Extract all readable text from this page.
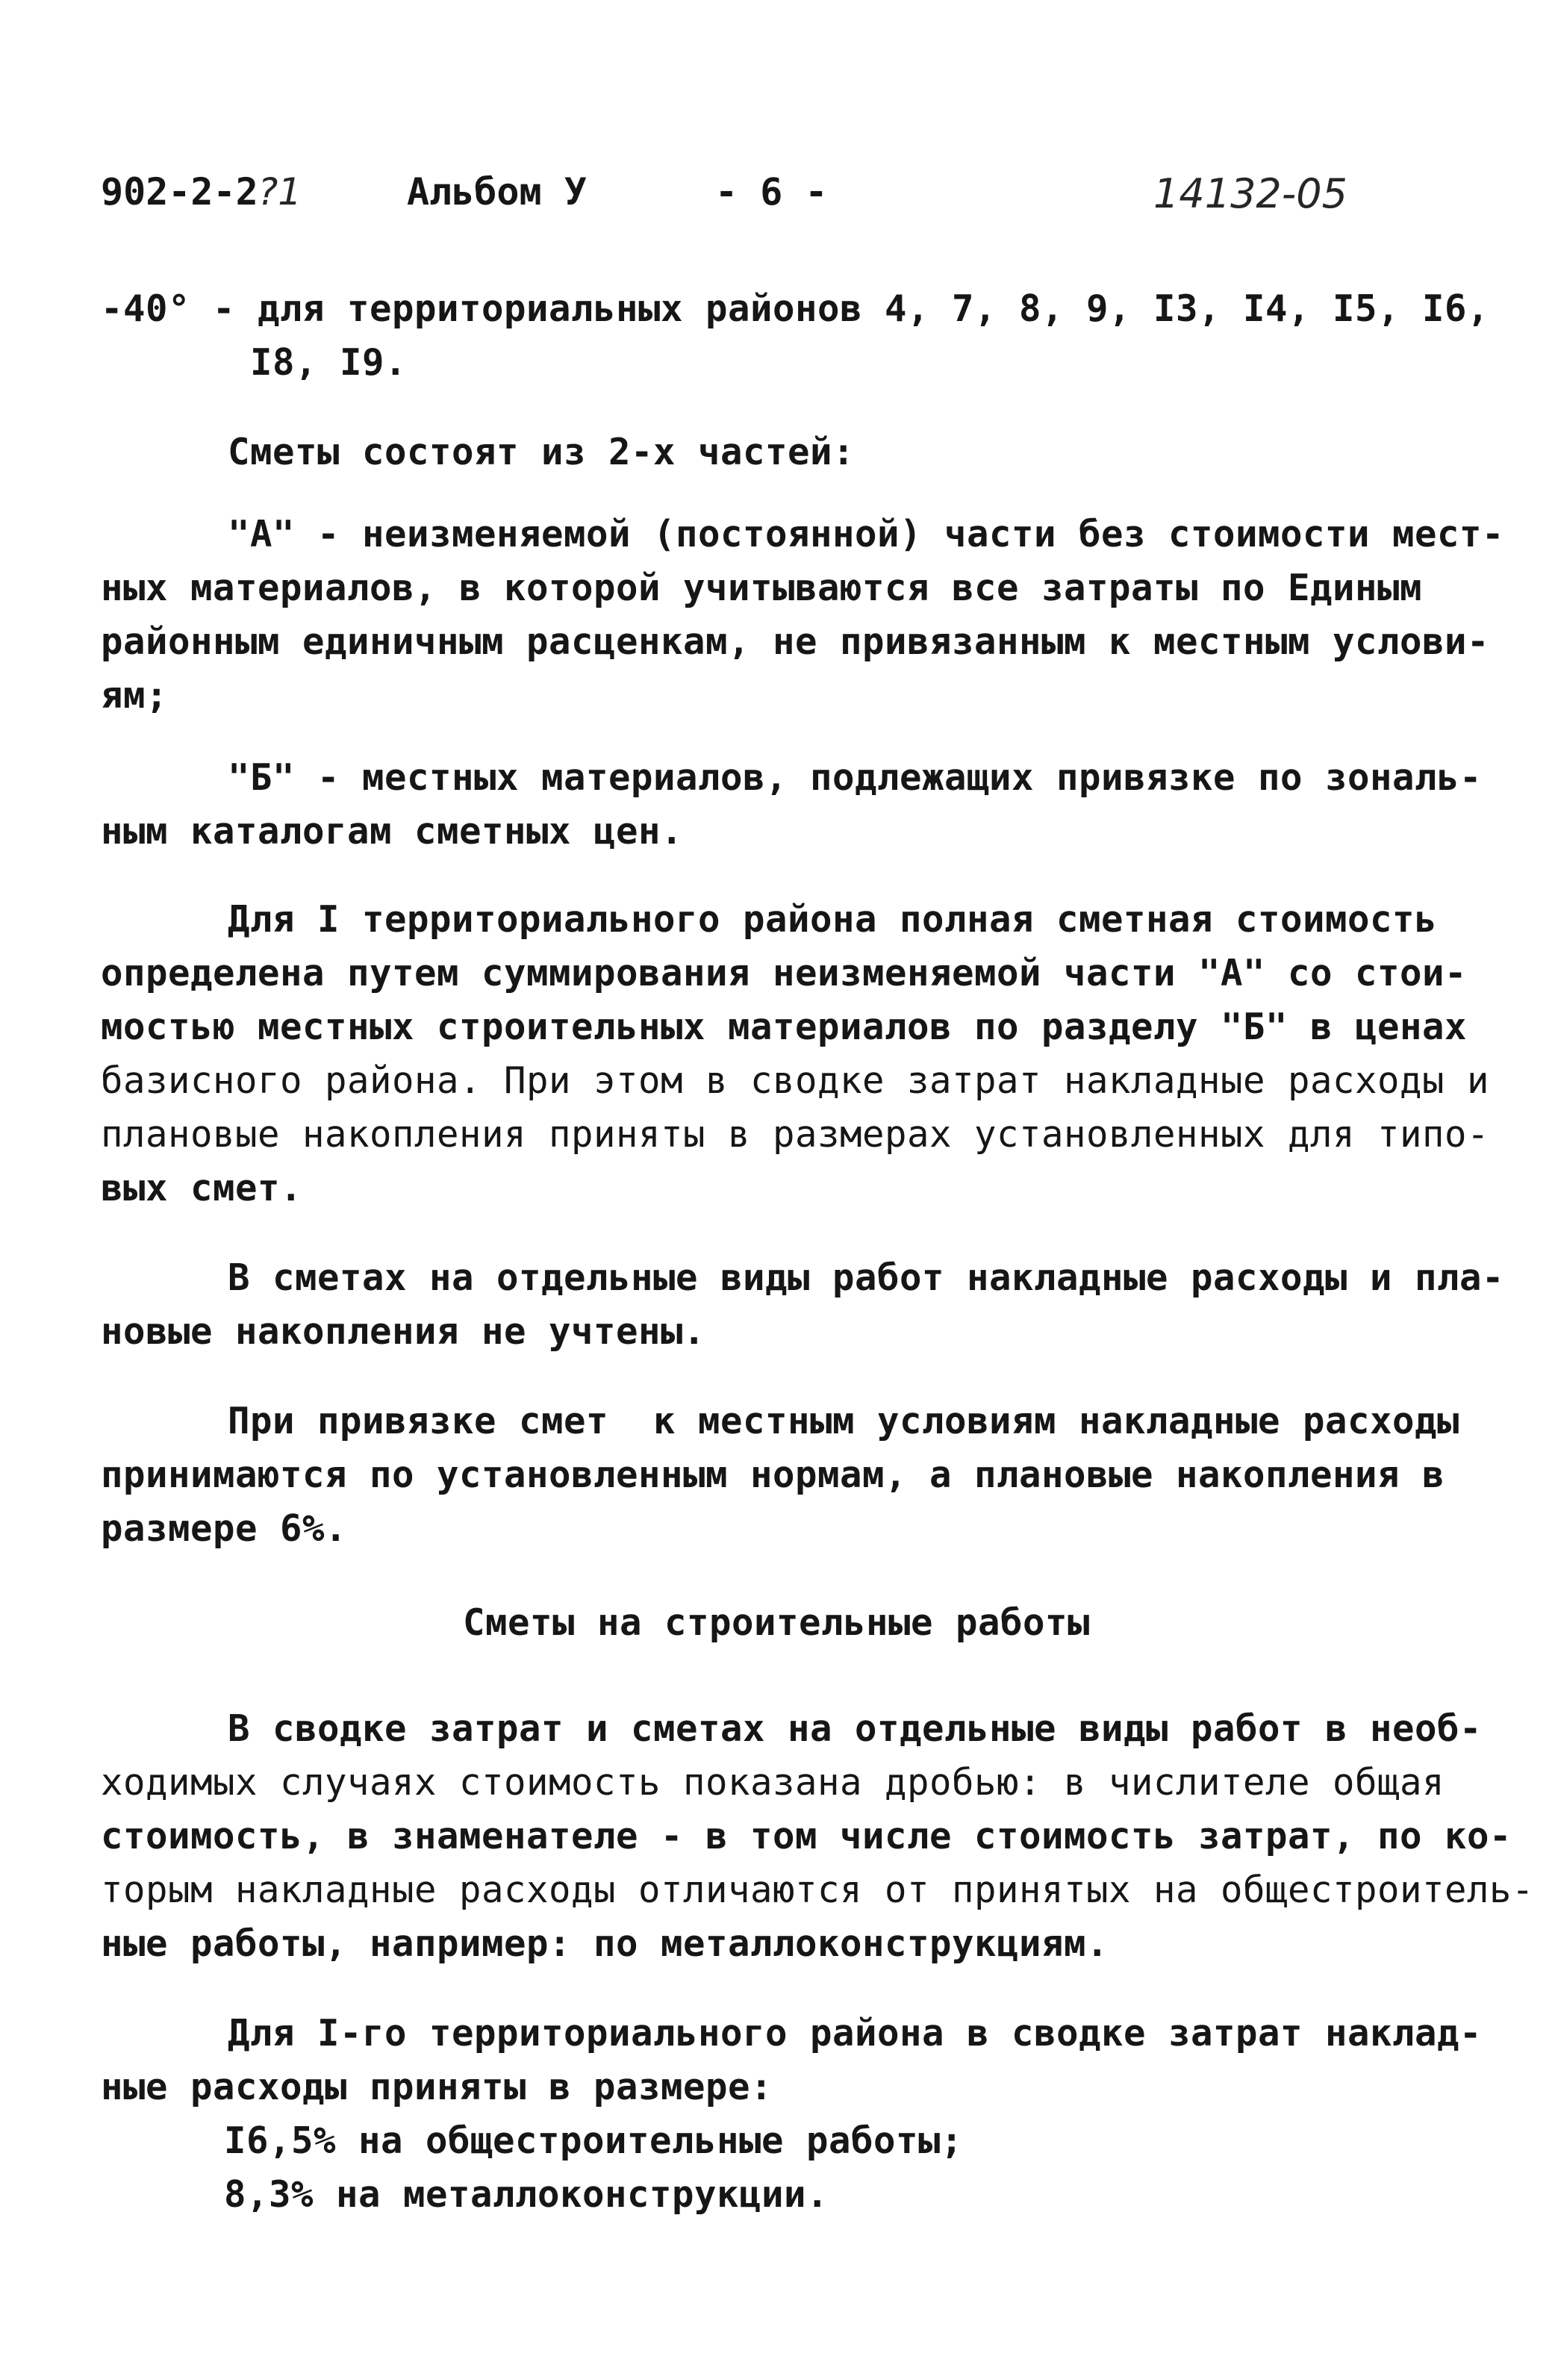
902-2-2?1	Альбом У	- 6 -	14132-05
-40° - для территориальных районов 4, 7, 8, 9, I3, I4, I5, I6,
I8, I9.
Сметы состоят из 2-х частей:
"А" - неизменяемой (постоянной) части без стоимости мест-
ных материалов, в которой учитываются все затраты по Единым
районным единичным расценкам, не привязанным к местным услови-
ям;
"Б" - местных материалов, подлежащих привязке по зональ-
ным каталогам сметных цен.
Для I территориального района полная сметная стоимость
определена путем суммирования неизменяемой части "А" со стои-
мостью местных строительных материалов по разделу "Б" в ценах
базисного района. При этом в сводке затрат накладные расходы и
плановые накопления приняты в размерах установленных для типо-
вых смет.
В сметах на отдельные виды работ накладные расходы и пла-
новые накопления не учтены.
При привязке смет  к местным условиям накладные расходы
принимаются по установленным нормам, а плановые накопления в
размере 6%.
Сметы на строительные работы
В сводке затрат и сметах на отдельные виды работ в необ-
ходимых случаях стоимость показана дробью: в числителе общая
стоимость, в знаменателе - в том числе стоимость затрат, по ко-
торым накладные расходы отличаются от принятых на общестроитель-
ные работы, например: по металлоконструкциям.
Для I-го территориального района в сводке затрат наклад-
ные расходы приняты в размере:
I6,5% на общестроительные работы;
8,3% на металлоконструкции.
